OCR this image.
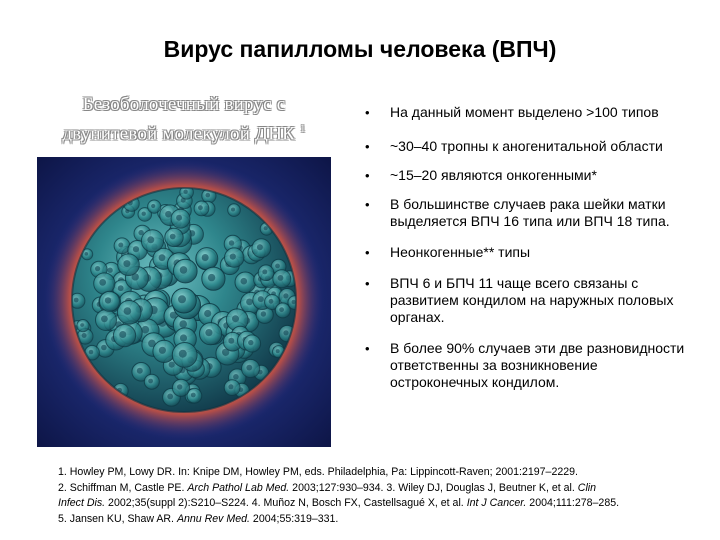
Вирус папилломы человека (ВПЧ)
Безоболочечный вирус с
двунитевой молекулой ДНК $^1$
• На данный момент выделено >100 типов
• ~30–40 тропны к аногенитальной области
• ~15–20 являются онкогенными*
• В большинстве случаев рака шейки матки выделяется ВПЧ 16 типа или ВПЧ 18 типа.
• Неонкогенные** типы
• ВПЧ 6 и БПЧ 11 чаще всего связаны с развитием кондилом на наружных половых органах.
• В более 90% случаев эти две разновидности ответственны за возникновение остроконечных кондилом.
1. Howley PM, Lowy DR. In: Knipe DM, Howley PM, eds. Philadelphia, Pa: Lippincott-Raven; 2001:2197–2229.
2. Schiffman M, Castle PE. Arch Pathol Lab Med. 2003;127:930–934. 3. Wiley DJ, Douglas J, Beutner K, et al. Clin
Infect Dis. 2002;35(suppl 2):S210–S224. 4. Muñoz N, Bosch FX, Castellsagué X, et al. Int J Cancer. 2004;111:278–285.
5. Jansen KU, Shaw AR. Annu Rev Med. 2004;55:319–331.
